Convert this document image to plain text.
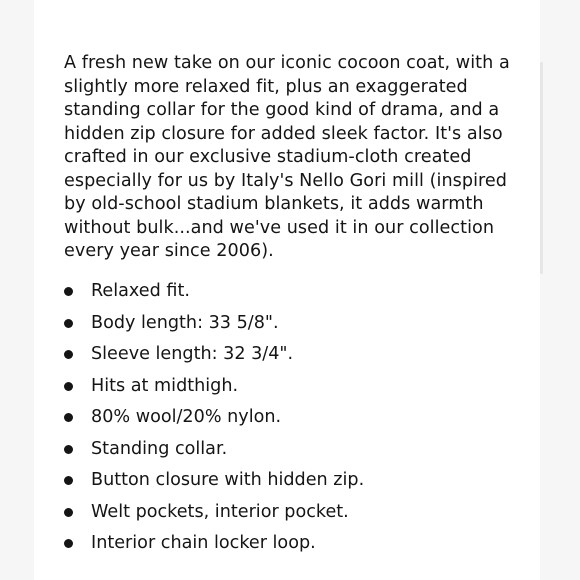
A fresh new take on our iconic cocoon coat, with a slightly more relaxed fit, plus an exaggerated standing collar for the good kind of drama, and a hidden zip closure for added sleek factor. It's also crafted in our exclusive stadium-cloth created especially for us by Italy's Nello Gori mill (inspired by old-school stadium blankets, it adds warmth without bulk...and we've used it in our collection every year since 2006).

Relaxed fit.
Body length: 33 5/8".
Sleeve length: 32 3/4".
Hits at midthigh.
80% wool/20% nylon.
Standing collar.
Button closure with hidden zip.
Welt pockets, interior pocket.
Interior chain locker loop.
